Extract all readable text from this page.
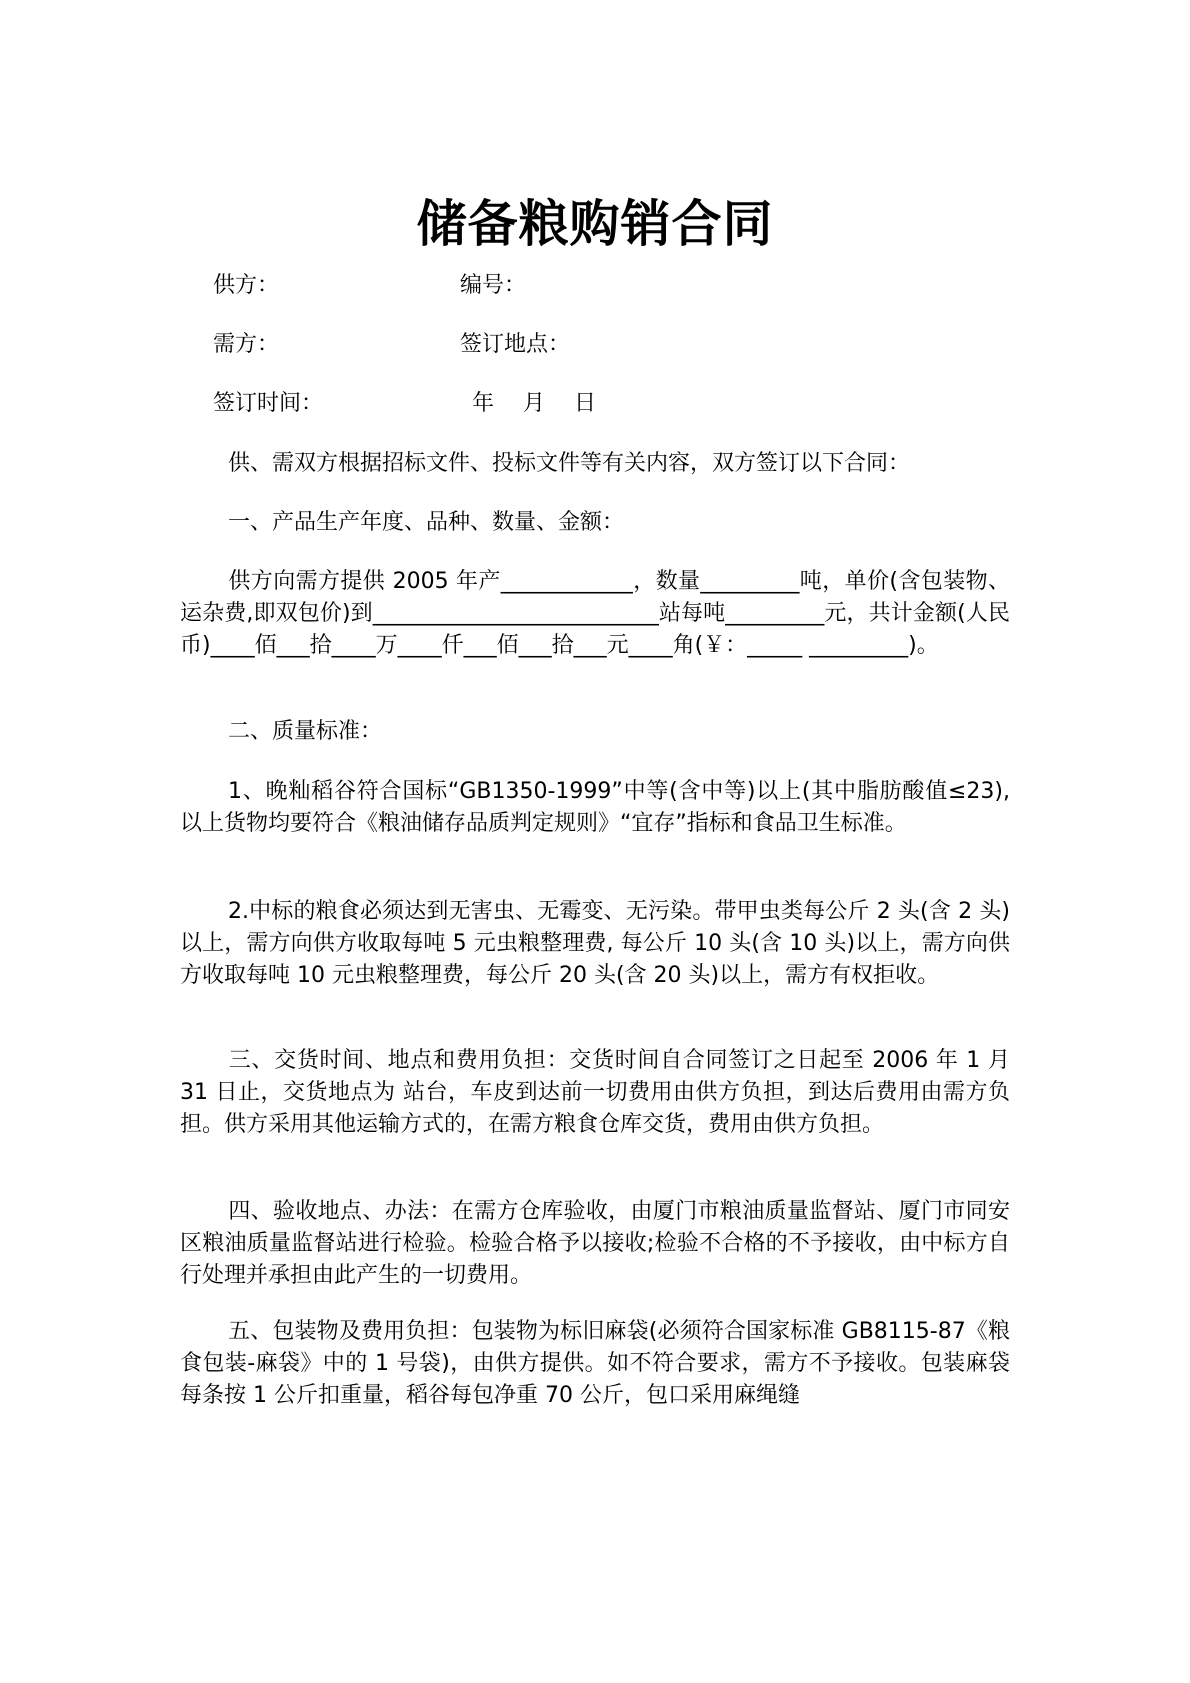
储备粮购销合同
供方：	编号：
需方：	签订地点：
签订时间：	年　 月　 日
供、需双方根据招标文件、投标文件等有关内容，双方签订以下合同：
一、产品生产年度、品种、数量、金额：
供方向需方提供 2005 年产____________，数量_________吨，单价(含包装物、运杂费,即双包价)到__________________________站每吨_________元，共计金额(人民币)____佰___拾____万____仟___佰___拾___元____角(￥：_____ _________)。
二、质量标准：
1、晚籼稻谷符合国标“GB1350-1999”中等(含中等)以上(其中脂肪酸值≤23),以上货物均要符合《粮油储存品质判定规则》“宜存”指标和食品卫生标准。
2.中标的粮食必须达到无害虫、无霉变、无污染。带甲虫类每公斤 2 头(含 2 头)以上，需方向供方收取每吨 5 元虫粮整理费, 每公斤 10 头(含 10 头)以上，需方向供方收取每吨 10 元虫粮整理费，每公斤 20 头(含 20 头)以上，需方有权拒收。
三、交货时间、地点和费用负担：交货时间自合同签订之日起至 2006 年 1 月 31 日止，交货地点为 站台，车皮到达前一切费用由供方负担，到达后费用由需方负担。供方采用其他运输方式的，在需方粮食仓库交货，费用由供方负担。
四、验收地点、办法：在需方仓库验收，由厦门市粮油质量监督站、厦门市同安区粮油质量监督站进行检验。检验合格予以接收;检验不合格的不予接收，由中标方自行处理并承担由此产生的一切费用。
五、包装物及费用负担：包装物为标旧麻袋(必须符合国家标准 GB8115-87《粮食包装-麻袋》中的 1 号袋)，由供方提供。如不符合要求，需方不予接收。包装麻袋每条按 1 公斤扣重量，稻谷每包净重 70 公斤，包口采用麻绳缝
